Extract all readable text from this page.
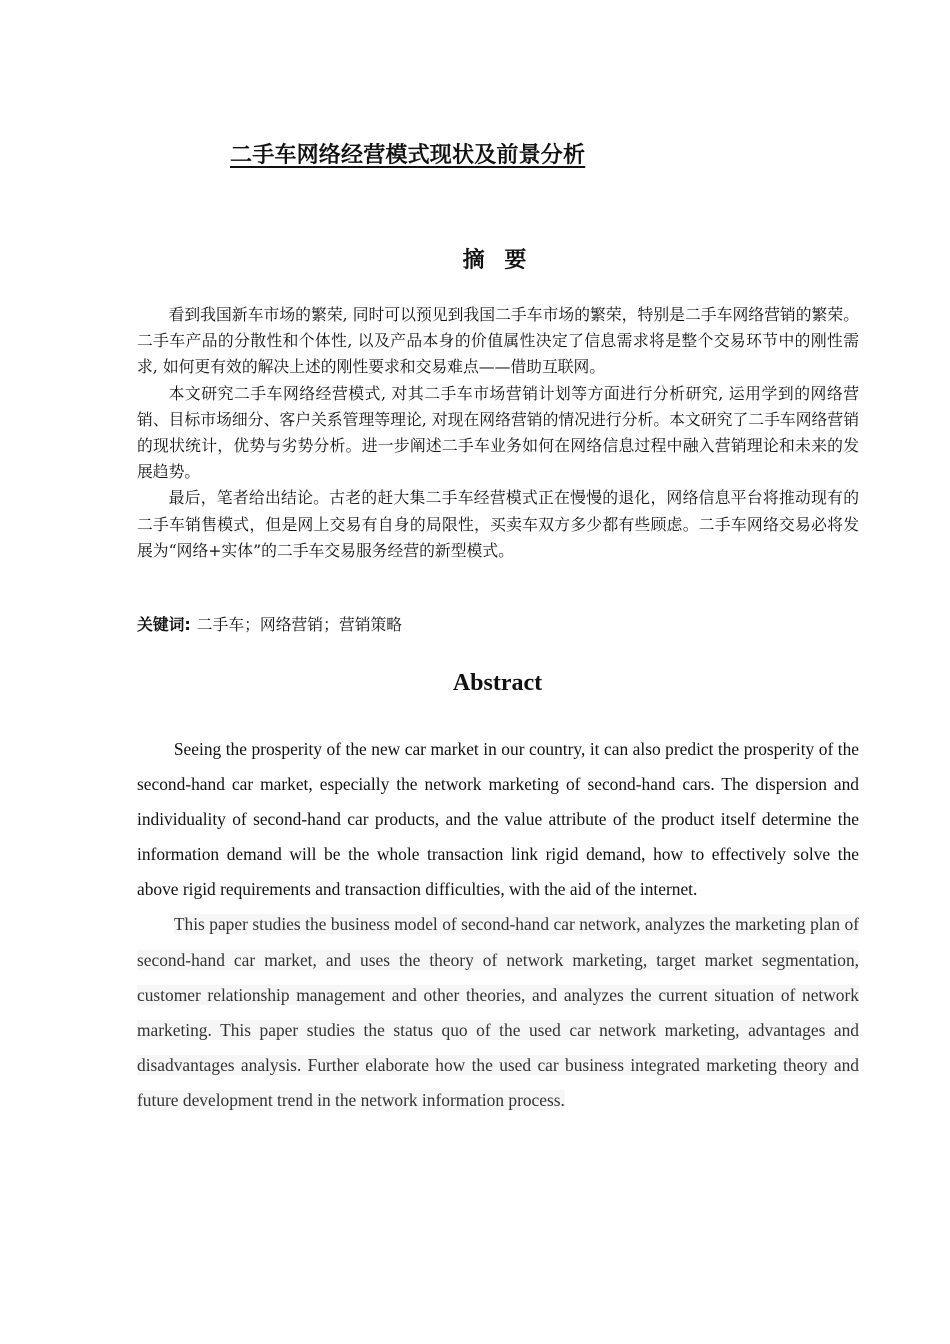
二手车网络经营模式现状及前景分析
摘 要

看到我国新车市场的繁荣, 同时可以预见到我国二手车市场的繁荣，特别是二手车网络营销的繁荣。二手车产品的分散性和个体性, 以及产品本身的价值属性决定了信息需求将是整个交易环节中的刚性需求, 如何更有效的解决上述的刚性要求和交易难点——借助互联网。

本文研究二手车网络经营模式, 对其二手车市场营销计划等方面进行分析研究, 运用学到的网络营销、目标市场细分、客户关系管理等理论, 对现在网络营销的情况进行分析。本文研究了二手车网络营销的现状统计，优势与劣势分析。进一步阐述二手车业务如何在网络信息过程中融入营销理论和未来的发展趋势。

最后，笔者给出结论。古老的赶大集二手车经营模式正在慢慢的退化，网络信息平台将推动现有的二手车销售模式，但是网上交易有自身的局限性，买卖车双方多少都有些顾虑。二手车网络交易必将发展为“网络+实体”的二手车交易服务经营的新型模式。

关键词: 二手车；网络营销；营销策略
Abstract

Seeing the prosperity of the new car market in our country, it can also predict the prosperity of the second-hand car market, especially the network marketing of second-hand cars. The dispersion and individuality of second-hand car products, and the value attribute of the product itself determine the information demand will be the whole transaction link rigid demand, how to effectively solve the above rigid requirements and transaction difficulties, with the aid of the internet.

This paper studies the business model of second-hand car network, analyzes the marketing plan of second-hand car market, and uses the theory of network marketing, target market segmentation, customer relationship management and other theories, and analyzes the current situation of network marketing. This paper studies the status quo of the used car network marketing, advantages and disadvantages analysis. Further elaborate how the used car business integrated marketing theory and future development trend in the network information process.
